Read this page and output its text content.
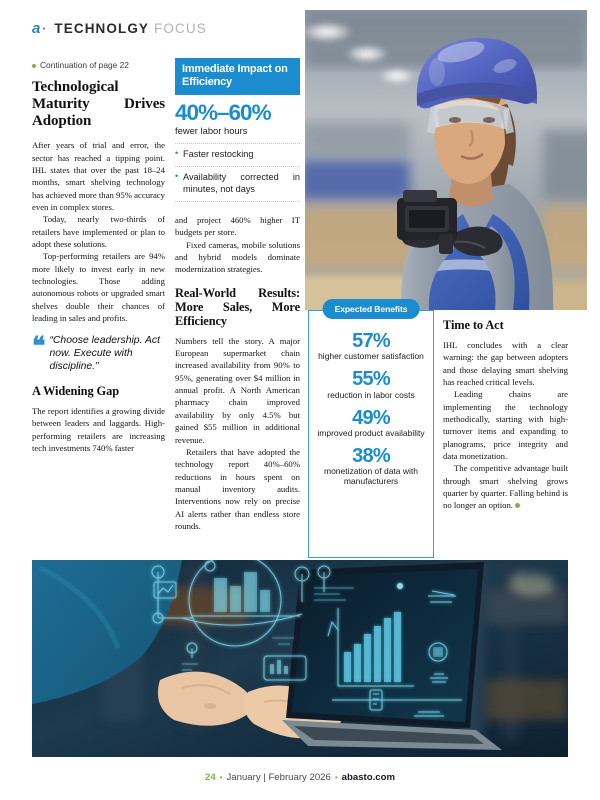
a · TECHNOLGY FOCUS
Continuation of page 22
Technological Maturity Drives Adoption

After years of trial and error, the sector has reached a tipping point. IHL states that over the past 18–24 months, smart shelving technology has achieved more than 95% accuracy even in complex stores.

Today, nearly two-thirds of retailers have implemented or plan to adopt these solutions.

Top-performing retailers are 94% more likely to invest early in new technologies. Those adding autonomous robots or upgraded smart shelves double their chances of leading in sales and profits.

❝ “Choose leadership. Act now. Execute with discipline.”
A Widening Gap

The report identifies a growing divide between leaders and laggards. High-performing retailers are increasing tech investments 740% faster

Immediate Impact on Efficiency
40%–60%
fewer labor hours
• Faster restocking
• Availability corrected in minutes, not days

and project 460% higher IT budgets per store.

Fixed cameras, mobile solutions and hybrid models dominate modernization strategies.

Real-World Results: More Sales, More Efficiency

Numbers tell the story. A major European supermarket chain increased availability from 90% to 95%, generating over $4 million in annual profit. A North American pharmacy chain improved availability by only 4.5% but gained $55 million in additional revenue.

Retailers that have adopted the technology report 40%–60% reductions in hours spent on manual inventory audits. Interventions now rely on precise AI alerts rather than endless store rounds.

Expected Benefits
57%
higher customer satisfaction
55%
reduction in labor costs
49%
improved product availability
38%
monetization of data with manufacturers
Time to Act

IHL concludes with a clear warning: the gap between adopters and those delaying smart shelving has reached critical levels.

Leading chains are implementing the technology methodically, starting with high-turnover items and expanding to planograms, price integrity and data monetization.

The competitive advantage built through smart shelving grows quarter by quarter. Falling behind is no longer an option.

24 • January | February 2026 • abasto.com
